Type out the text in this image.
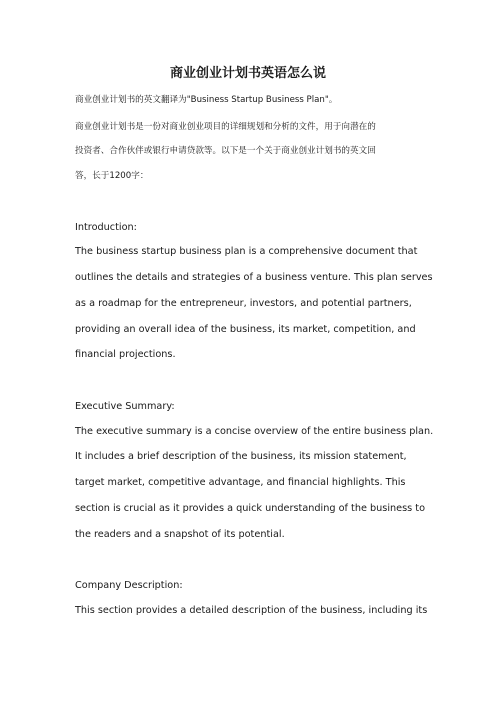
商业创业计划书英语怎么说
商业创业计划书的英文翻译为"Business Startup Business Plan"。
商业创业计划书是一份对商业创业项目的详细规划和分析的文件，用于向潜在的
投资者、合作伙伴或银行申请贷款等。以下是一个关于商业创业计划书的英文回
答，长于1200字：
Introduction:
The business startup business plan is a comprehensive document that
outlines the details and strategies of a business venture. This plan serves
as a roadmap for the entrepreneur, investors, and potential partners,
providing an overall idea of the business, its market, competition, and
financial projections.
Executive Summary:
The executive summary is a concise overview of the entire business plan.
It includes a brief description of the business, its mission statement,
target market, competitive advantage, and financial highlights. This
section is crucial as it provides a quick understanding of the business to
the readers and a snapshot of its potential.
Company Description:
This section provides a detailed description of the business, including its
